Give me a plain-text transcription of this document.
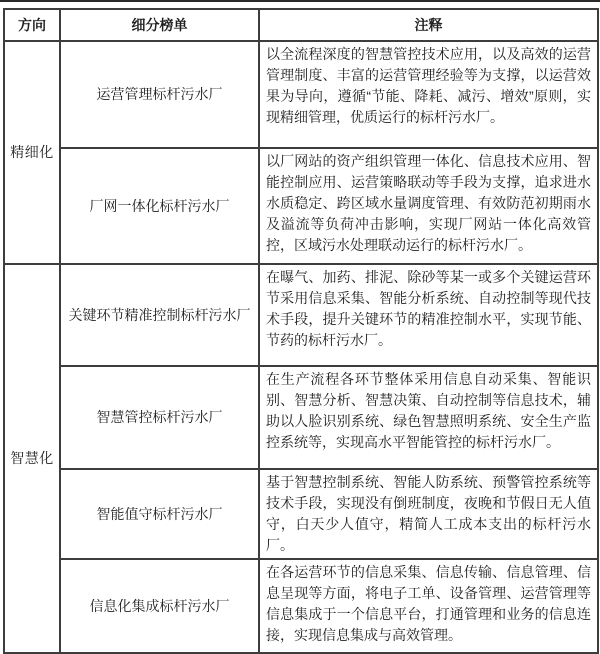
方向	细分榜单	注释
精细化	运营管理标杆污水厂	以全流程深度的智慧管控技术应用，以及高效的运营管理制度、丰富的运营管理经验等为支撑，以运营效果为导向，遵循“节能、降耗、减污、增效”原则，实现精细管理，优质运行的标杆污水厂。
	厂网一体化标杆污水厂	以厂网站的资产组织管理一体化、信息技术应用、智能控制应用、运营策略联动等手段为支撑，追求进水水质稳定、跨区域水量调度管理、有效防范初期雨水及溢流等负荷冲击影响，实现厂网站一体化高效管控，区域污水处理联动运行的标杆污水厂。
智慧化	关键环节精准控制标杆污水厂	在曝气、加药、排泥、除砂等某一或多个关键运营环节采用信息采集、智能分析系统、自动控制等现代技术手段，提升关键环节的精准控制水平，实现节能、节药的标杆污水厂。
	智慧管控标杆污水厂	在生产流程各环节整体采用信息自动采集、智能识别、智慧分析、智慧决策、自动控制等信息技术，辅助以人脸识别系统、绿色智慧照明系统、安全生产监控系统等，实现高水平智能管控的标杆污水厂。
	智能值守标杆污水厂	基于智慧控制系统、智能人防系统、预警管控系统等技术手段，实现没有倒班制度，夜晚和节假日无人值守，白天少人值守，精简人工成本支出的标杆污水厂。
	信息化集成标杆污水厂	在各运营环节的信息采集、信息传输、信息管理、信息呈现等方面，将电子工单、设备管理、运营管理等信息集成于一个信息平台，打通管理和业务的信息连接，实现信息集成与高效管理。
